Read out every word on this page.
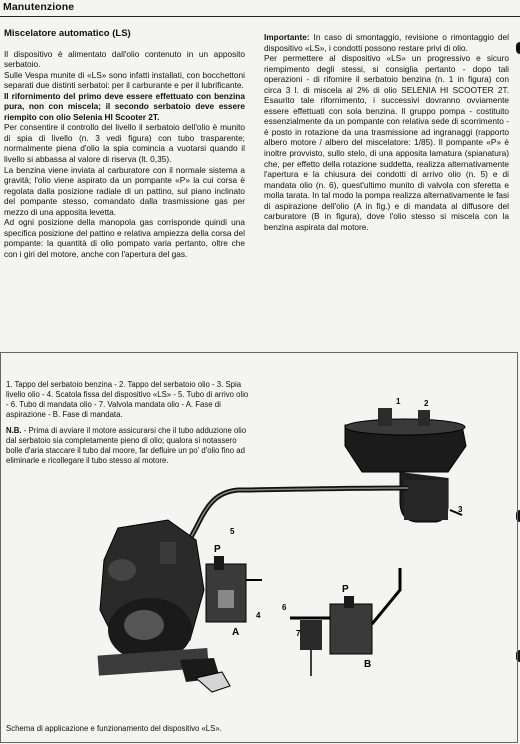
Manutenzione

Miscelatore automatico (LS)

Il dispositivo è alimentato dall'olio contenuto in un apposito serbatoio.

Sulle Vespa munite di «LS» sono infatti installati, con bocchettoni separati due distinti serbatoi: per il carburante e per il lubrificante.

Il rifornimento del primo deve essere effettuato con benzina pura, non con miscela; il secondo serbatoio deve essere riempito con olio Selenia HI Scooter 2T.

Per consentire il controllo del livello il serbatoio dell'olio è munito di spia di livello (n. 3 vedi figura) con tubo trasparente; normalmente piena d'olio la spia comincia a vuotarsi quando il livello si abbassa al valore di riserva (lt. 0,35).

La benzina viene inviata al carburatore con il normale sistema a gravità; l'olio viene aspirato da un pompante «P» la cui corsa è regolata dalla posizione radiale di un pattino, sul piano inclinato del pompante stesso, comandato dalla trasmissione gas per mezzo di una apposita levetta.

Ad ogni posizione della manopola gas corrisponde quindi una specifica posizione del pattino e relativa ampiezza della corsa del pompante: la quantità di olio pompato varia pertanto, oltre che con i giri del motore, anche con l'apertura del gas.

Importante: In caso di smontaggio, revisione o rimontaggio del dispositivo «LS», i condotti possono restare privi di olio.

Per permettere al dispositivo «LS» un progressivo e sicuro riempimento degli stessi, si consiglia pertanto - dopo tali operazioni - di rifornire il serbatoio benzina (n. 1 in figura) con circa 3 l. di miscela al 2% di olio SELENIA HI SCOOTER 2T. Esaurito tale rifornimento, i successivi dovranno ovviamente essere effettuati con sola benzina. Il gruppo pompa - costituito essenzialmente da un pompante con relativa sede di scorrimento - è posto in rotazione da una trasmissione ad ingranaggi (rapporto albero motore / albero del miscelatore: 1/85). Il pompante «P» è inoltre provvisto, sullo stelo, di una apposita lamatura (spianatura) che, per effetto della rotazione suddetta, realizza alternativamente l'apertura e la chiusura dei condotti di arrivo olio (n. 5) e di mandata olio (n. 6), quest'ultimo munito di valvola con sferetta e molla tarata. In tal modo la pompa realizza alternativamente le fasi di aspirazione dell'olio (A in fig.) e di mandata al diffusore del carburatore (B in figura), dove l'olio stesso si miscela con la benzina aspirata dal motore.

1. Tappo del serbatoio benzina - 2. Tappo del serbatoio olio - 3. Spia livello olio - 4. Scatola fissa del dispositivo «LS» - 5. Tubo di arrivo olio - 6. Tubo di mandata olio - 7. Valvola mandata olio - A. Fase di aspirazione - B. Fase di mandata.

N.B. - Prima di avviare il motore assicurarsi che il tubo adduzione olio dal serbatoio sia completamente pieno di olio; qualora si notassero bolle d'aria staccare il tubo dal moore, far defluire un po' d'olio fino ad eliminarle e ricollegare il tubo stesso al motore.

1	2
3
4
5
6
7
P
P
A
B
Schema di applicazione e funzionamento del dispositivo «LS».
